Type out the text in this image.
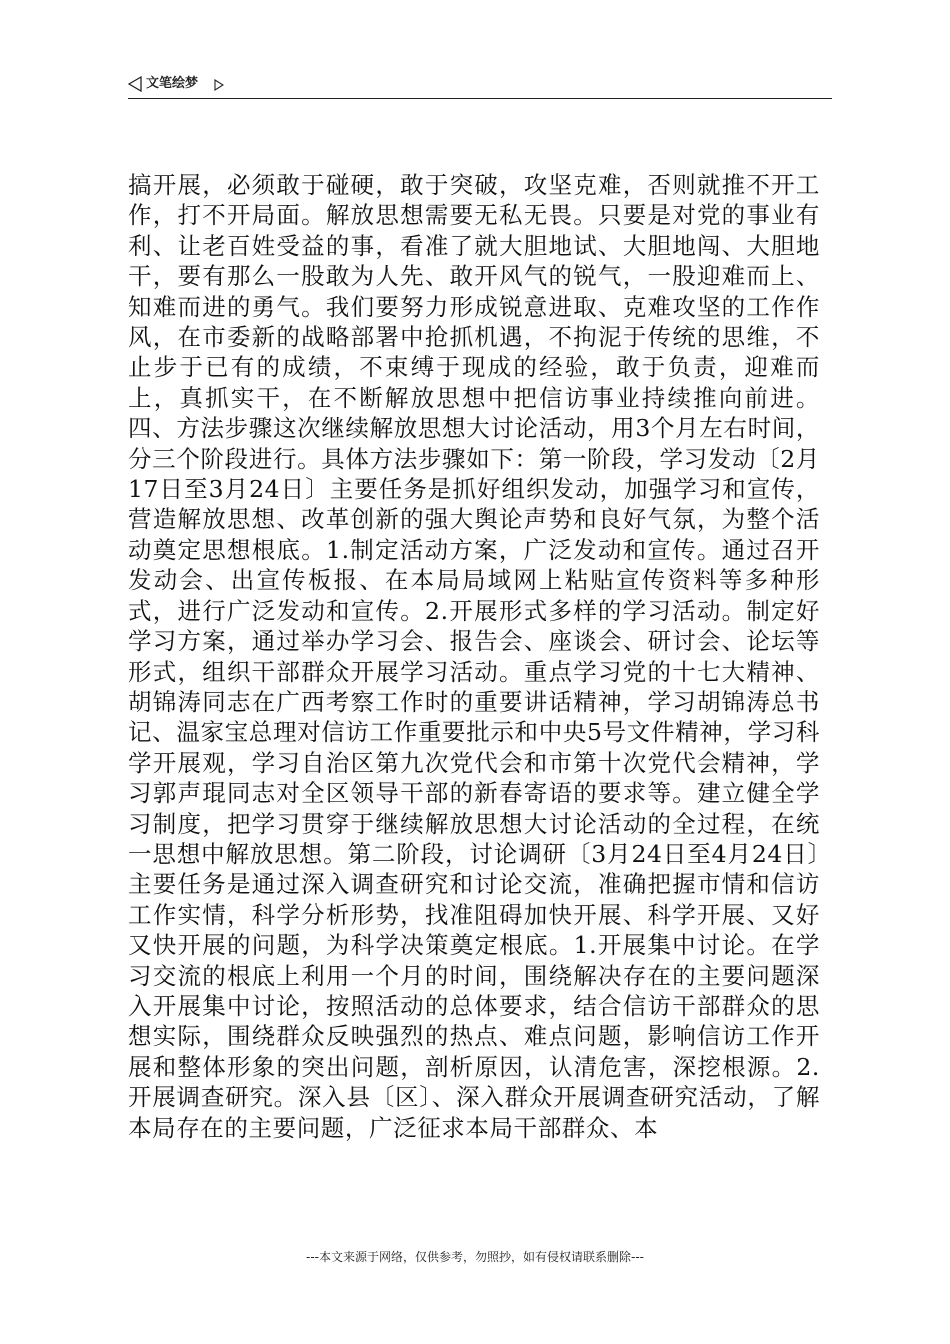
文笔绘梦

搞开展，必须敢于碰硬，敢于突破，攻坚克难，否则就推不开工作，打不开局面。解放思想需要无私无畏。只要是对党的事业有利、让老百姓受益的事，看准了就大胆地试、大胆地闯、大胆地干，要有那么一股敢为人先、敢开风气的锐气，一股迎难而上、知难而进的勇气。我们要努力形成锐意进取、克难攻坚的工作作风，在市委新的战略部署中抢抓机遇，不拘泥于传统的思维，不止步于已有的成绩，不束缚于现成的经验，敢于负责，迎难而上，真抓实干，在不断解放思想中把信访事业持续推向前进。四、方法步骤这次继续解放思想大讨论活动，用3个月左右时间，分三个阶段进行。具体方法步骤如下：第一阶段，学习发动〔2月17日至3月24日〕主要任务是抓好组织发动，加强学习和宣传，营造解放思想、改革创新的强大舆论声势和良好气氛，为整个活动奠定思想根底。1.制定活动方案，广泛发动和宣传。通过召开发动会、出宣传板报、在本局局域网上粘贴宣传资料等多种形式，进行广泛发动和宣传。2.开展形式多样的学习活动。制定好学习方案，通过举办学习会、报告会、座谈会、研讨会、论坛等形式，组织干部群众开展学习活动。重点学习党的十七大精神、胡锦涛同志在广西考察工作时的重要讲话精神，学习胡锦涛总书记、温家宝总理对信访工作重要批示和中央5号文件精神，学习科学开展观，学习自治区第九次党代会和市第十次党代会精神，学习郭声琨同志对全区领导干部的新春寄语的要求等。建立健全学习制度，把学习贯穿于继续解放思想大讨论活动的全过程，在统一思想中解放思想。第二阶段，讨论调研〔3月24日至4月24日〕主要任务是通过深入调查研究和讨论交流，准确把握市情和信访工作实情，科学分析形势，找准阻碍加快开展、科学开展、又好又快开展的问题，为科学决策奠定根底。1.开展集中讨论。在学习交流的根底上利用一个月的时间，围绕解决存在的主要问题深入开展集中讨论，按照活动的总体要求，结合信访干部群众的思想实际，围绕群众反映强烈的热点、难点问题，影响信访工作开展和整体形象的突出问题，剖析原因，认清危害，深挖根源。2.开展调查研究。深入县〔区〕、深入群众开展调查研究活动，了解本局存在的主要问题，广泛征求本局干部群众、本

---本文来源于网络，仅供参考，勿照抄，如有侵权请联系删除---
